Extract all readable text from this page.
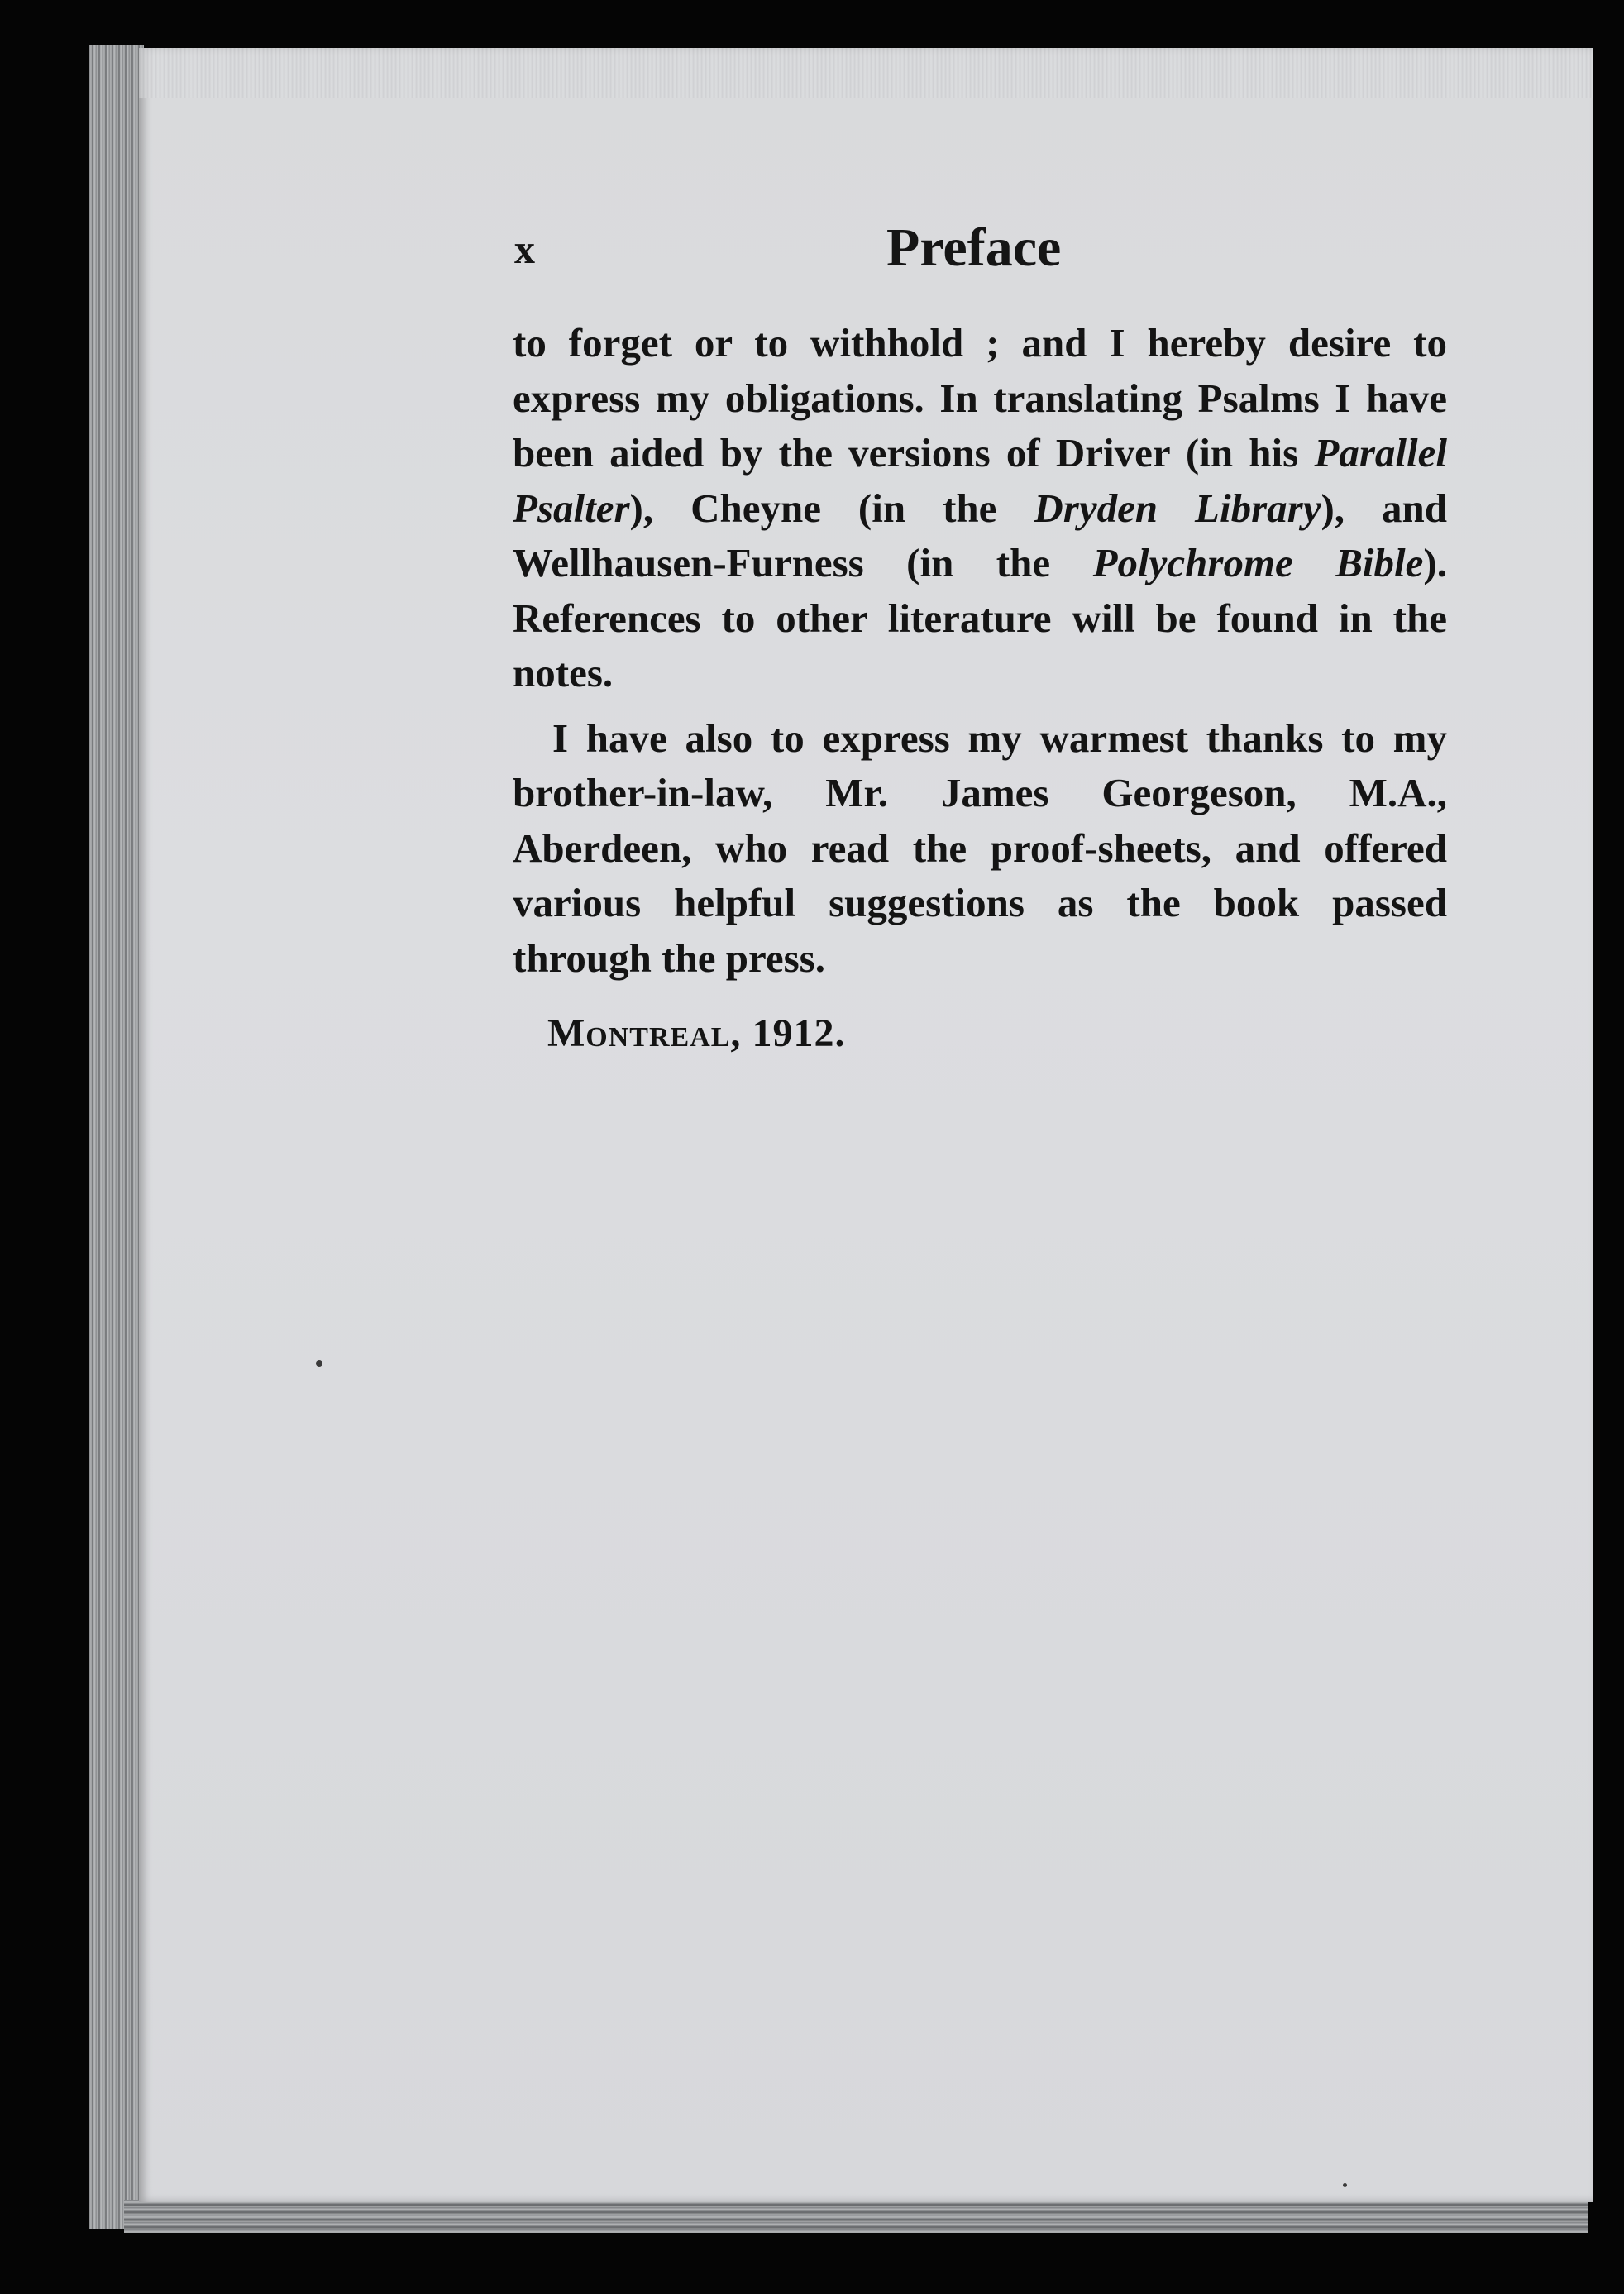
x	Preface

to forget or to withhold ; and I hereby desire to express my obligations. In translating Psalms I have been aided by the versions of Driver (in his Parallel Psalter), Cheyne (in the Dryden Library), and Wellhausen-Furness (in the Polychrome Bible). References to other literature will be found in the notes.

I have also to express my warmest thanks to my brother-in-law, Mr. James Georgeson, M.A., Aberdeen, who read the proof-sheets, and offered various helpful suggestions as the book passed through the press.

Montreal, 1912.
